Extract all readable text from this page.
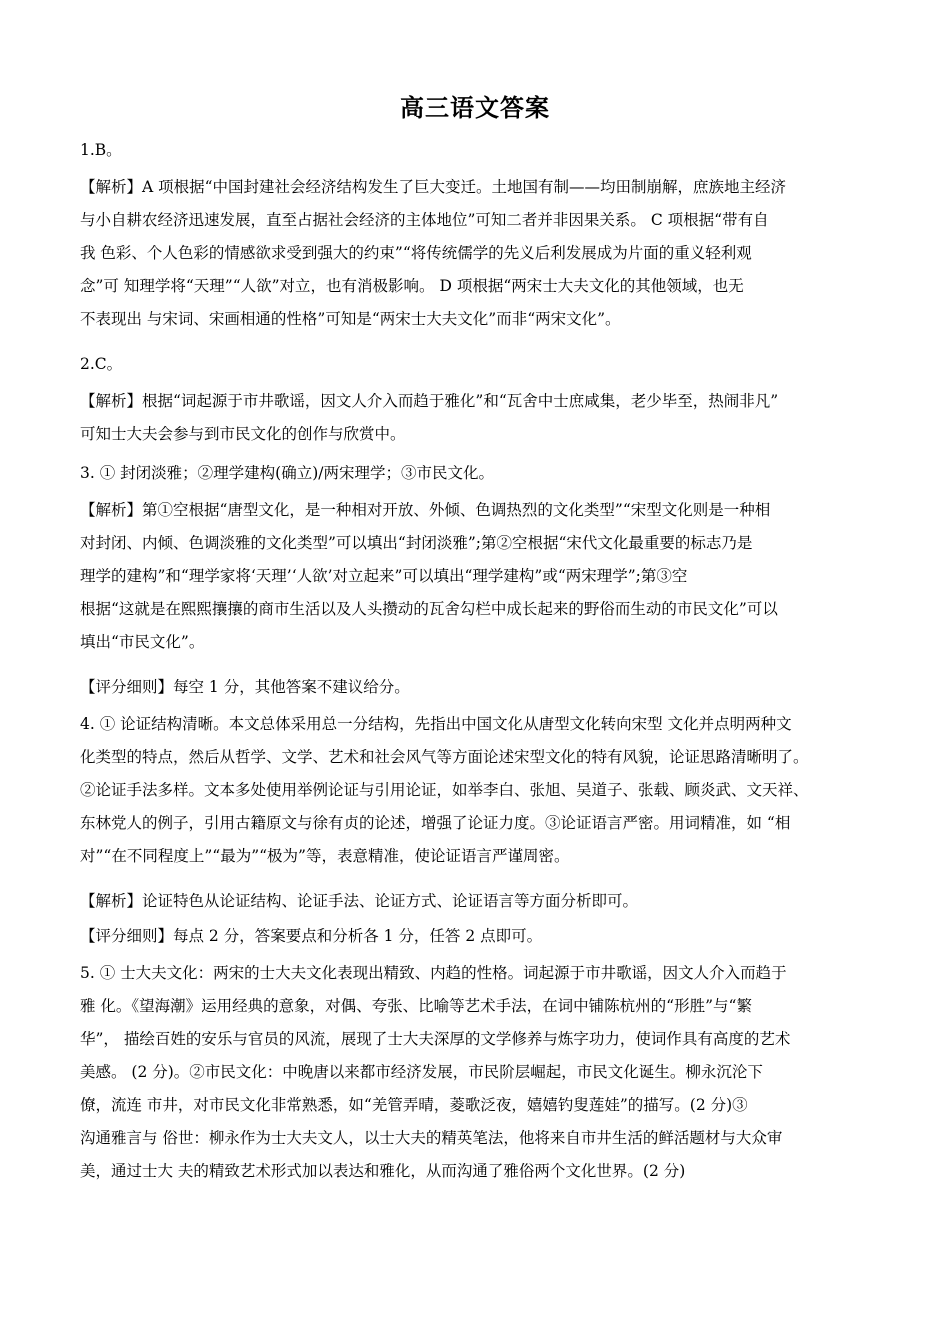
高三语文答案
1.B。
【解析】A 项根据“中国封建社会经济结构发生了巨大变迁。土地国有制——均田制崩解，庶族地主经济
与小自耕农经济迅速发展，直至占据社会经济的主体地位”可知二者并非因果关系。 C 项根据“带有自
我 色彩、个人色彩的情感欲求受到强大的约束”“将传统儒学的先义后利发展成为片面的重义轻利观
念”可 知理学将“天理”“人欲”对立，也有消极影响。 D 项根据“两宋士大夫文化的其他领域，也无
不表现出 与宋词、宋画相通的性格”可知是“两宋士大夫文化”而非“两宋文化”。
2.C。
【解析】根据“词起源于市井歌谣，因文人介入而趋于雅化”和“瓦舍中士庶咸集，老少毕至，热闹非凡”
可知士大夫会参与到市民文化的创作与欣赏中。
3. ① 封闭淡雅；②理学建构(确立)/两宋理学；③市民文化。
【解析】第①空根据“唐型文化，是一种相对开放、外倾、色调热烈的文化类型”“宋型文化则是一种相
对封闭、内倾、色调淡雅的文化类型”可以填出“封闭淡雅”;第②空根据“宋代文化最重要的标志乃是
理学的建构”和“理学家将‘天理’‘人欲’对立起来”可以填出“理学建构”或“两宋理学”;第③空
根据“这就是在熙熙攘攘的商市生活以及人头攒动的瓦舍勾栏中成长起来的野俗而生动的市民文化”可以
填出“市民文化”。
【评分细则】每空 1 分，其他答案不建议给分。
4. ① 论证结构清晰。本文总体采用总一分结构，先指出中国文化从唐型文化转向宋型 文化并点明两种文
化类型的特点，然后从哲学、文学、艺术和社会风气等方面论述宋型文化的特有风貌，论证思路清晰明了。
②论证手法多样。文本多处使用举例论证与引用论证，如举李白、张旭、吴道子、张载、顾炎武、文天祥、
东林党人的例子，引用古籍原文与徐有贞的论述，增强了论证力度。③论证语言严密。用词精准，如 “相
对”“在不同程度上”“最为”“极为”等，表意精准，使论证语言严谨周密。
【解析】论证特色从论证结构、论证手法、论证方式、论证语言等方面分析即可。
【评分细则】每点 2 分，答案要点和分析各 1 分，任答 2 点即可。
5. ① 士大夫文化：两宋的士大夫文化表现出精致、内趋的性格。词起源于市井歌谣，因文人介入而趋于
雅 化。《望海潮》运用经典的意象，对偶、夸张、比喻等艺术手法，在词中铺陈杭州的“形胜”与“繁
华”， 描绘百姓的安乐与官员的风流，展现了士大夫深厚的文学修养与炼字功力，使词作具有高度的艺术
美感。 (2 分)。②市民文化：中晚唐以来都市经济发展，市民阶层崛起，市民文化诞生。柳永沉沦下
僚，流连 市井，对市民文化非常熟悉，如“羌管弄晴，菱歌泛夜，嬉嬉钓叟莲娃”的描写。(2 分)③
沟通雅言与 俗世：柳永作为士大夫文人，以士大夫的精英笔法，他将来自市井生活的鲜活题材与大众审
美，通过士大 夫的精致艺术形式加以表达和雅化，从而沟通了雅俗两个文化世界。(2 分)
